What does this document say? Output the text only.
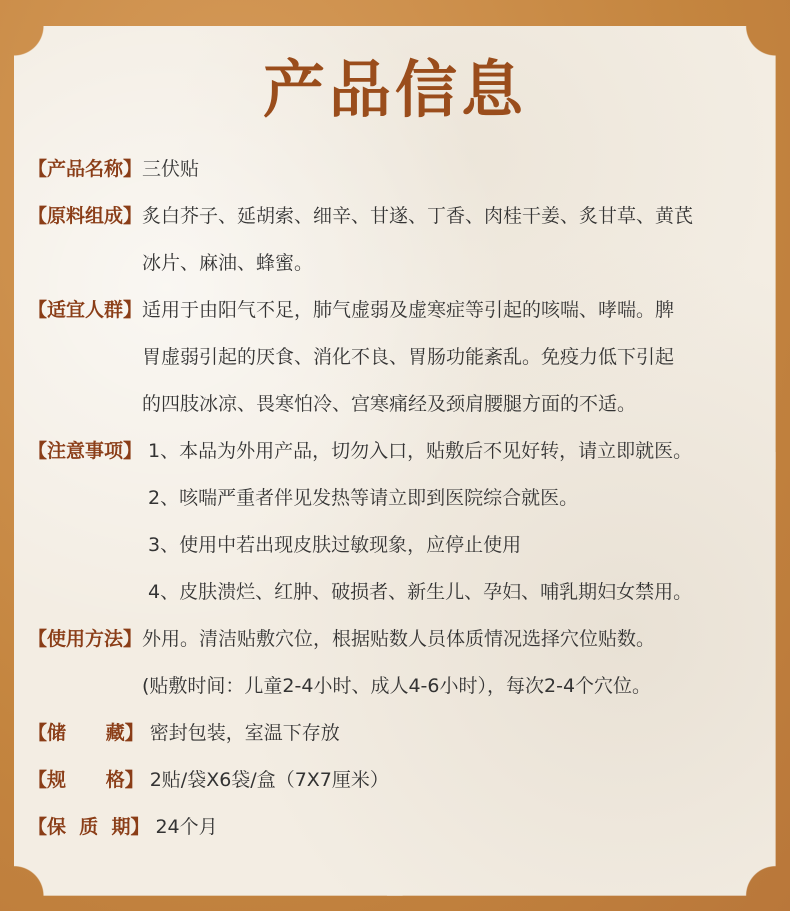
产品信息
【产品名称】 三伏贴
【原料组成】 炙白芥子、延胡索、细辛、甘遂、丁香、肉桂干姜、炙甘草、黄芪
冰片、麻油、蜂蜜。
【适宜人群】 适用于由阳气不足，肺气虚弱及虚寒症等引起的咳喘、哮喘。脾
胃虚弱引起的厌食、消化不良、胃肠功能紊乱。免疫力低下引起
的四肢冰凉、畏寒怕冷、宫寒痛经及颈肩腰腿方面的不适。
【注意事项】 1、本品为外用产品，切勿入口，贴敷后不见好转，请立即就医。
2、咳喘严重者伴见发热等请立即到医院综合就医。
3、使用中若出现皮肤过敏现象，应停止使用
4、皮肤溃烂、红肿、破损者、新生儿、孕妇、哺乳期妇女禁用。
【使用方法】 外用。清洁贴敷穴位，根据贴数人员体质情况选择穴位贴数。
(贴敷时间：儿童2-4小时、成人4-6小时），每次2-4个穴位。
【储      藏】 密封包装，室温下存放
【规      格】 2贴/袋X6袋/盒（7X7厘米）
【保  质  期】 24个月
